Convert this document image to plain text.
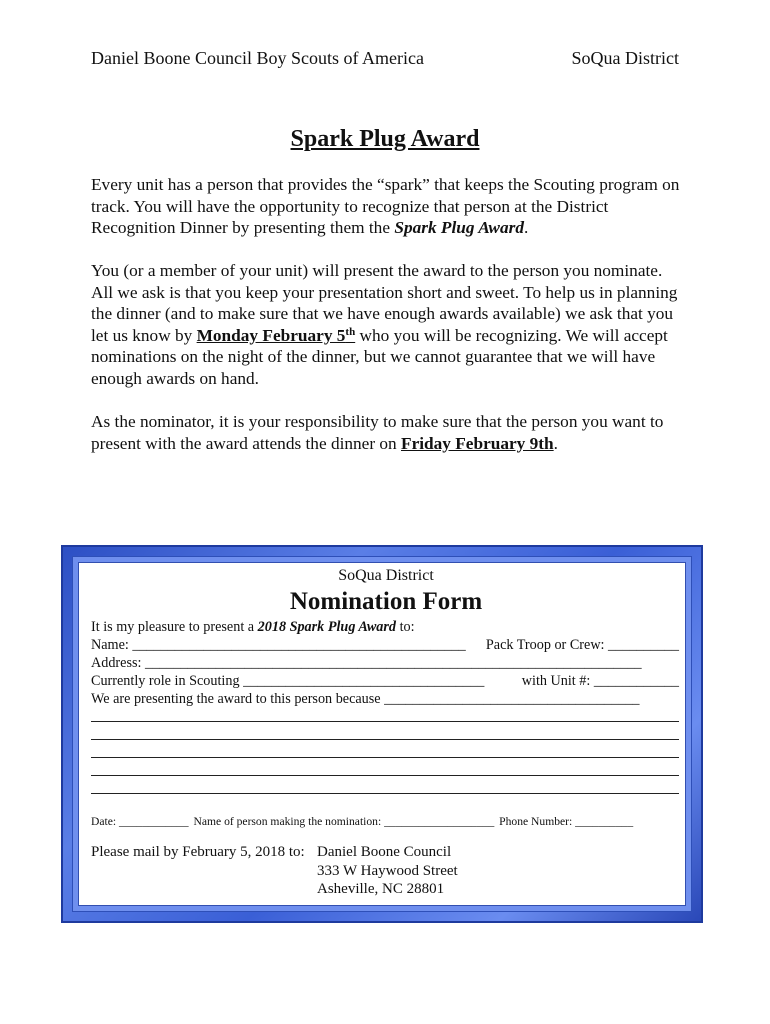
Daniel Boone Council Boy Scouts of America	SoQua District
Spark Plug Award

Every unit has a person that provides the “spark” that keeps the Scouting program on track. You will have the opportunity to recognize that person at the District Recognition Dinner by presenting them the Spark Plug Award.

You (or a member of your unit) will present the award to the person you nominate. All we ask is that you keep your presentation short and sweet. To help us in planning the dinner (and to make sure that we have enough awards available) we ask that you let us know by Monday February 5th who you will be recognizing. We will accept nominations on the night of the dinner, but we cannot guarantee that we will have enough awards on hand.

As the nominator, it is your responsibility to make sure that the person you want to present with the award attends the dinner on Friday February 9th.

SoQua District
Nomination Form
It is my pleasure to present a 2018 Spark Plug Award to:
Name: _______________________________________________ Pack Troop or Crew: __________
Address: ______________________________________________________________________
Currently role in Scouting __________________________________	with Unit #: ____________
We are presenting the award to this person because ____________________________________
Date: ____________ Name of person making the nomination: ___________________ Phone Number: __________
Please mail by February 5, 2018 to: Daniel Boone Council
333 W Haywood Street
Asheville, NC 28801
